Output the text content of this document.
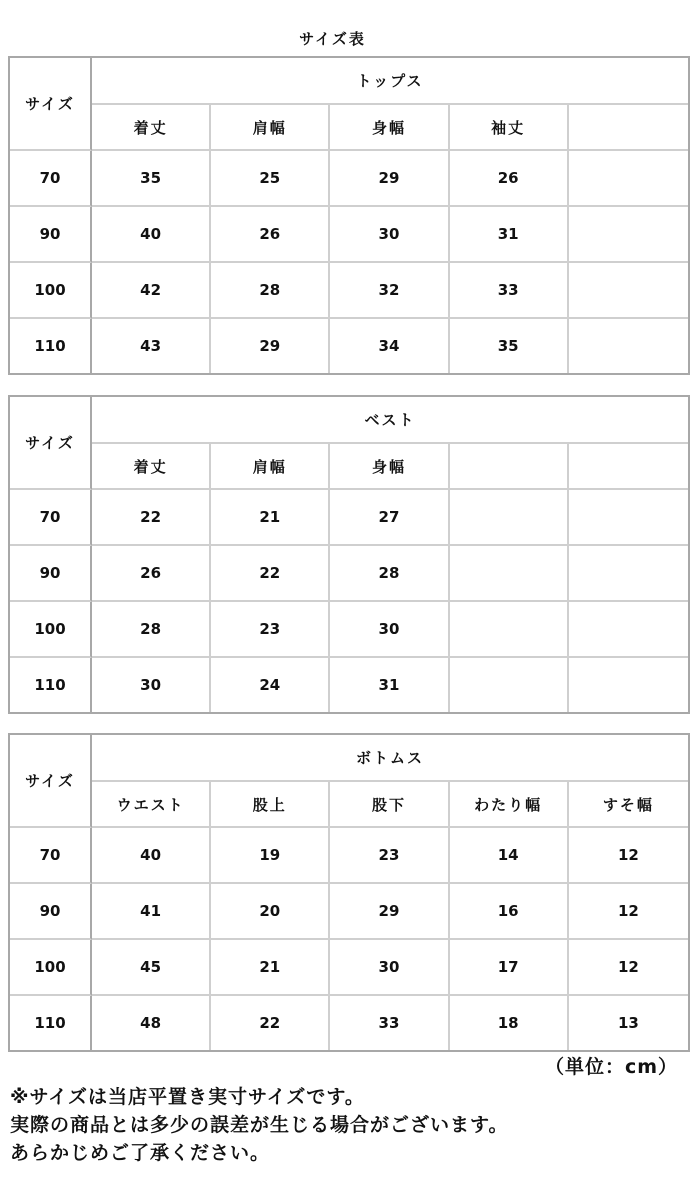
サイズ表
サイズ	トップス				
	着丈	肩幅	身幅	袖丈	
70	35	25	29	26	
90	40	26	30	31	
100	42	28	32	33	
110	43	29	34	35	
サイズ	ベスト				
	着丈	肩幅	身幅		
70	22	21	27		
90	26	22	28		
100	28	23	30		
110	30	24	31		
サイズ	ボトムス				
	ウエスト	股上	股下	わたり幅	すそ幅
70	40	19	23	14	12
90	41	20	29	16	12
100	45	21	30	17	12
110	48	22	33	18	13
（単位：cm）
※サイズは当店平置き実寸サイズです。
実際の商品とは多少の誤差が生じる場合がございます。
あらかじめご了承ください。
